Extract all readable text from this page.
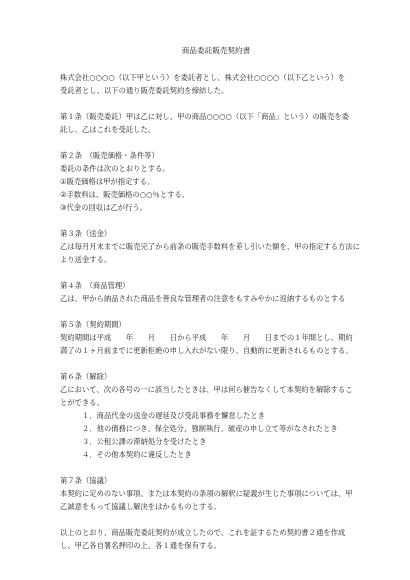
商品委託販売契約書
株式会社○○○○（以下甲という）を委託者とし、株式会社○○○○（以下乙という）を
受託者とし、以下の通り販売委託契約を締結した。
第１条（販売委託）甲は乙に対し、甲の商品○○○○（以下「商品」という）の販売を委
託し、乙はこれを受託した。
第２条　（販売価格・条件等）
委託の条件は次のとおりとする。
①販売価格は甲が指定する。
②手数料は、販売価格の○○％とする。
③代金の回収は乙が行う。
第３条（送金）
乙は毎月月末までに販売完了から前条の販売手数料を差し引いた額を、甲の指定する方法に
より送金する。
第４条　（商品管理）
乙は、甲から納品された商品を善良な管理者の注意をもすみやかに返納するものとする
第５条（契約期間）
契約期間は平成　　年　　月　　日から平成　　年　　月　　日までの１年間とし、期約
満了の１ヶ月前までに更新拒絶の申し入れがない限り、自動的に更新されるものとする。
第６条（解除）
乙において、次の各号の一に該当したときは、甲は何ら催告なくして本契約を解除するこ
とができる。
１．商品代金の送金の遅延及び受託事務を懈怠したとき
２．他の債務につき、保全処分、強制執行、破産の申し立て等がなされたとき
３．公租公課の滞納処分を受けたとき
４．その他本契約に違反したとき
第７条（協議）
本契約に定めのない事項、または本契約の条項の解釈に疑義が生じた事項については、甲
乙誠意をもって協議し解決をはかるものとする。
以上のとおり、商品販売委託契約が成立したので、これを証するため契約書２通を作成
し、甲乙各自署名押印の上、各１通を保有する。
